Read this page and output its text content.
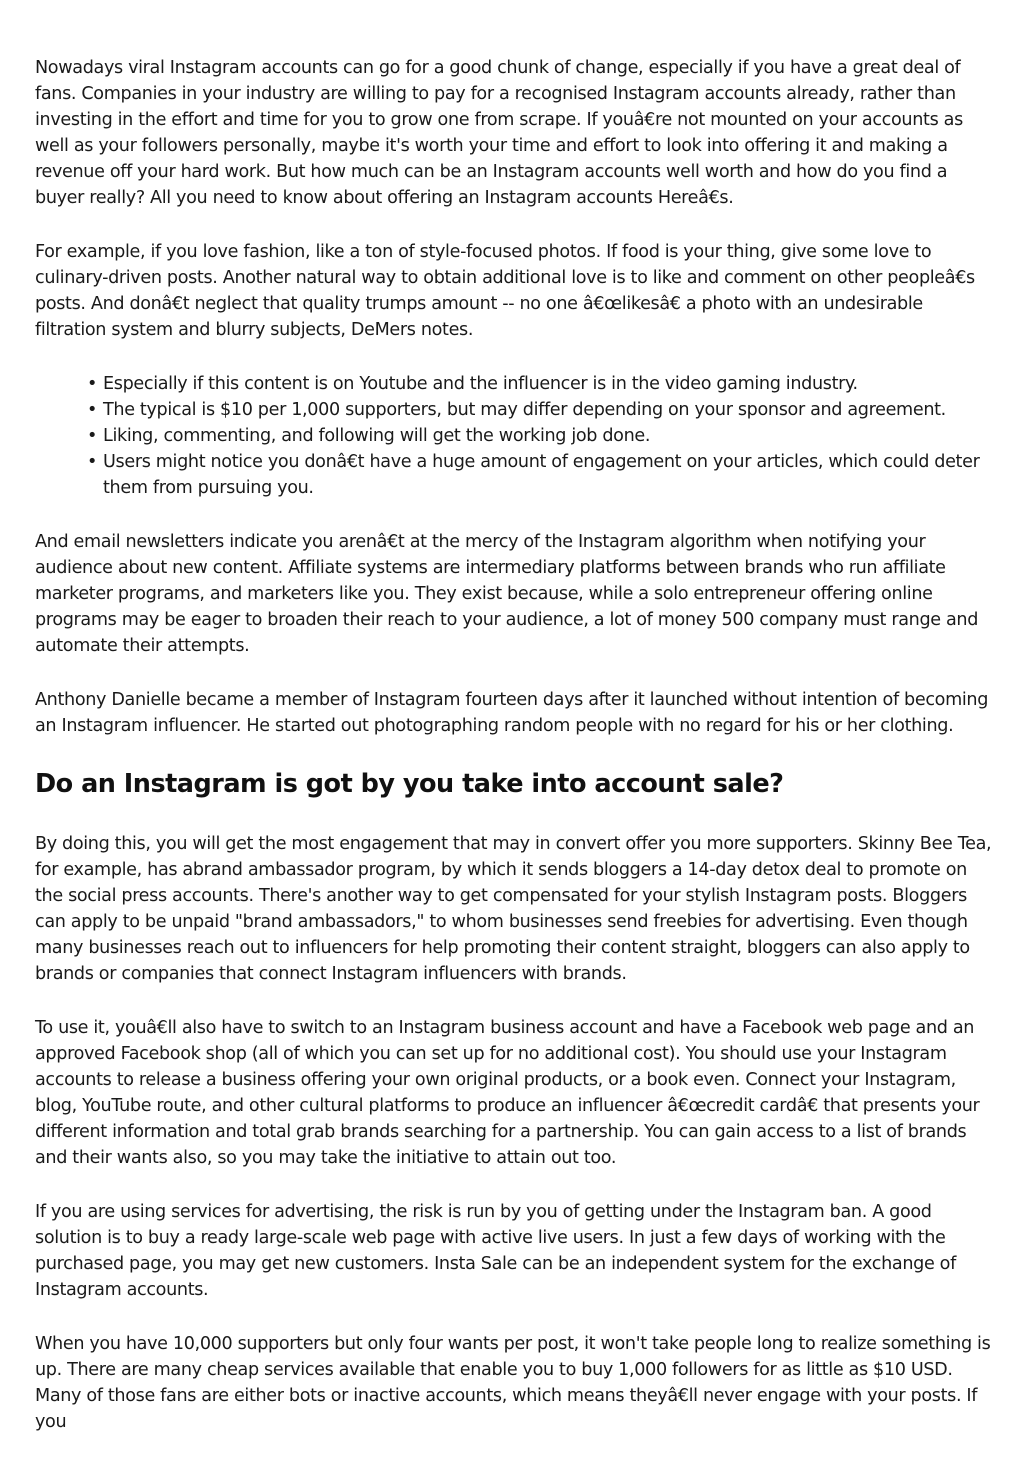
Nowadays viral Instagram accounts can go for a good chunk of change, especially if you have a great deal of fans. Companies in your industry are willing to pay for a recognised Instagram accounts already, rather than investing in the effort and time for you to grow one from scrape. If youâ€re not mounted on your accounts as well as your followers personally, maybe it's worth your time and effort to look into offering it and making a revenue off your hard work. But how much can be an Instagram accounts well worth and how do you find a buyer really? All you need to know about offering an Instagram accounts Hereâ€s.

For example, if you love fashion, like a ton of style-focused photos. If food is your thing, give some love to culinary-driven posts. Another natural way to obtain additional love is to like and comment on other peopleâ€s posts. And donâ€t neglect that quality trumps amount -- no one â€œlikesâ€ a photo with an undesirable filtration system and blurry subjects, DeMers notes.

• Especially if this content is on Youtube and the influencer is in the video gaming industry.
• The typical is $10 per 1,000 supporters, but may differ depending on your sponsor and agreement.
• Liking, commenting, and following will get the working job done.
• Users might notice you donâ€t have a huge amount of engagement on your articles, which could deter them from pursuing you.

And email newsletters indicate you arenâ€t at the mercy of the Instagram algorithm when notifying your audience about new content. Affiliate systems are intermediary platforms between brands who run affiliate marketer programs, and marketers like you. They exist because, while a solo entrepreneur offering online programs may be eager to broaden their reach to your audience, a lot of money 500 company must range and automate their attempts.

Anthony Danielle became a member of Instagram fourteen days after it launched without intention of becoming an Instagram influencer. He started out photographing random people with no regard for his or her clothing.

Do an Instagram is got by you take into account sale?

By doing this, you will get the most engagement that may in convert offer you more supporters. Skinny Bee Tea, for example, has abrand ambassador program, by which it sends bloggers a 14-day detox deal to promote on the social press accounts. There's another way to get compensated for your stylish Instagram posts. Bloggers can apply to be unpaid "brand ambassadors," to whom businesses send freebies for advertising. Even though many businesses reach out to influencers for help promoting their content straight, bloggers can also apply to brands or companies that connect Instagram influencers with brands.

To use it, youâ€ll also have to switch to an Instagram business account and have a Facebook web page and an approved Facebook shop (all of which you can set up for no additional cost). You should use your Instagram accounts to release a business offering your own original products, or a book even. Connect your Instagram, blog, YouTube route, and other cultural platforms to produce an influencer â€œcredit cardâ€ that presents your different information and total grab brands searching for a partnership. You can gain access to a list of brands and their wants also, so you may take the initiative to attain out too.

If you are using services for advertising, the risk is run by you of getting under the Instagram ban. A good solution is to buy a ready large-scale web page with active live users. In just a few days of working with the purchased page, you may get new customers. Insta Sale can be an independent system for the exchange of Instagram accounts.

When you have 10,000 supporters but only four wants per post, it won't take people long to realize something is up. There are many cheap services available that enable you to buy 1,000 followers for as little as $10 USD. Many of those fans are either bots or inactive accounts, which means theyâ€ll never engage with your posts. If you
